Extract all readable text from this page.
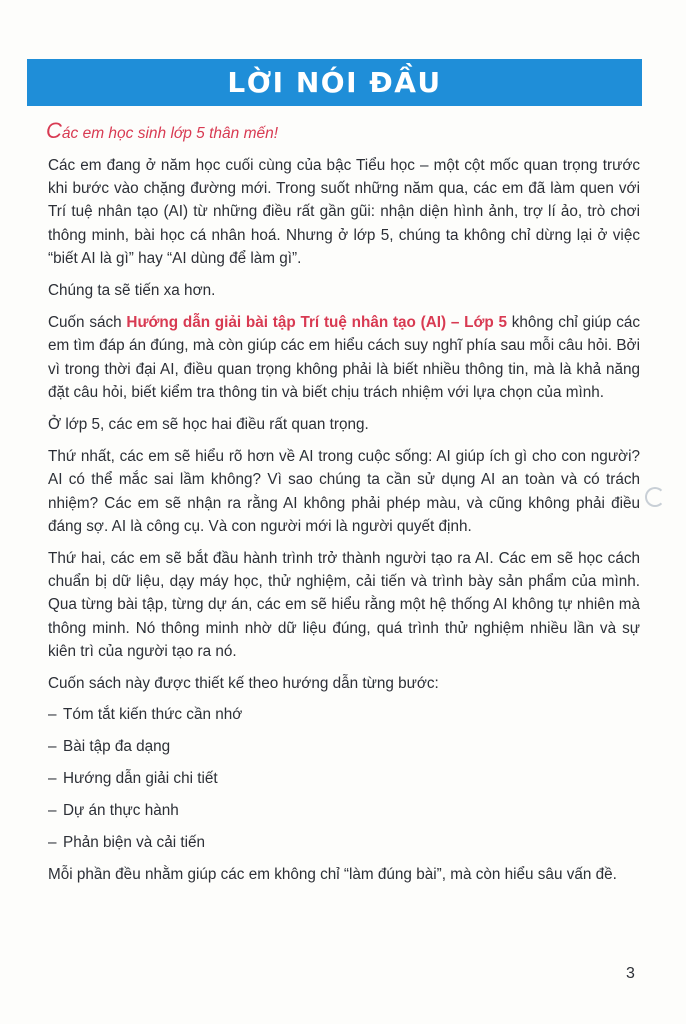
LỜI NÓI ĐẦU
Các em học sinh lớp 5 thân mến!

Các em đang ở năm học cuối cùng của bậc Tiểu học – một cột mốc quan trọng trước khi bước vào chặng đường mới. Trong suốt những năm qua, các em đã làm quen với Trí tuệ nhân tạo (AI) từ những điều rất gần gũi: nhận diện hình ảnh, trợ lí ảo, trò chơi thông minh, bài học cá nhân hoá. Nhưng ở lớp 5, chúng ta không chỉ dừng lại ở việc “biết AI là gì” hay “AI dùng để làm gì”.

Chúng ta sẽ tiến xa hơn.

Cuốn sách Hướng dẫn giải bài tập Trí tuệ nhân tạo (AI) – Lớp 5 không chỉ giúp các em tìm đáp án đúng, mà còn giúp các em hiểu cách suy nghĩ phía sau mỗi câu hỏi. Bởi vì trong thời đại AI, điều quan trọng không phải là biết nhiều thông tin, mà là khả năng đặt câu hỏi, biết kiểm tra thông tin và biết chịu trách nhiệm với lựa chọn của mình.

Ở lớp 5, các em sẽ học hai điều rất quan trọng.

Thứ nhất, các em sẽ hiểu rõ hơn về AI trong cuộc sống: AI giúp ích gì cho con người? AI có thể mắc sai lầm không? Vì sao chúng ta cần sử dụng AI an toàn và có trách nhiệm? Các em sẽ nhận ra rằng AI không phải phép màu, và cũng không phải điều đáng sợ. AI là công cụ. Và con người mới là người quyết định.

Thứ hai, các em sẽ bắt đầu hành trình trở thành người tạo ra AI. Các em sẽ học cách chuẩn bị dữ liệu, dạy máy học, thử nghiệm, cải tiến và trình bày sản phẩm của mình. Qua từng bài tập, từng dự án, các em sẽ hiểu rằng một hệ thống AI không tự nhiên mà thông minh. Nó thông minh nhờ dữ liệu đúng, quá trình thử nghiệm nhiều lần và sự kiên trì của người tạo ra nó.

Cuốn sách này được thiết kế theo hướng dẫn từng bước:

– Tóm tắt kiến thức cần nhớ
– Bài tập đa dạng
– Hướng dẫn giải chi tiết
– Dự án thực hành
– Phản biện và cải tiến

Mỗi phần đều nhằm giúp các em không chỉ “làm đúng bài”, mà còn hiểu sâu vấn đề.

3
